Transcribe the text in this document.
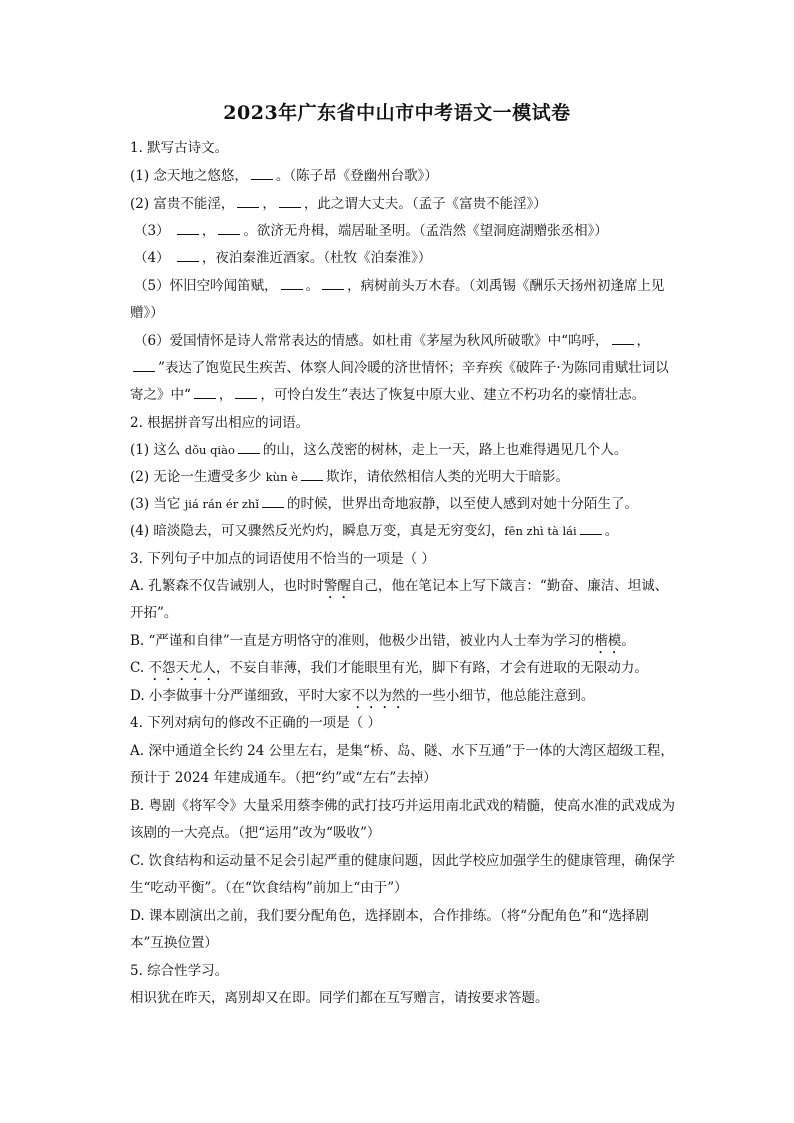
2023年广东省中山市中考语文一模试卷
1. 默写古诗文。
(1) 念天地之悠悠， 。（陈子昂《登幽州台歌》）
(2) 富贵不能淫， ， ，此之谓大丈夫。（孟子《富贵不能淫》）
（3） ， 。欲济无舟楫，端居耻圣明。（孟浩然《望洞庭湖赠张丞相》）
（4） ，夜泊秦淮近酒家。（杜牧《泊秦淮》）
（5）怀旧空吟闻笛赋， 。 ，病树前头万木春。（刘禹锡《酬乐天扬州初逢席上见
赠》）
（6）爱国情怀是诗人常常表达的情感。如杜甫《茅屋为秋风所破歌》中“呜呼， ，
”表达了饱览民生疾苦、体察人间冷暖的济世情怀；辛弃疾《破阵子·为陈同甫赋壮词以
寄之》中“ ， ，可怜白发生”表达了恢复中原大业、建立不朽功名的豪情壮志。
2. 根据拼音写出相应的词语。
(1) 这么 dǒu qiào 的山，这么茂密的树林，走上一天，路上也难得遇见几个人。
(2) 无论一生遭受多少 kùn è 欺诈，请依然相信人类的光明大于暗影。
(3) 当它 jiá rán ér zhǐ 的时候，世界出奇地寂静，以至使人感到对她十分陌生了。
(4) 暗淡隐去，可又骤然反光灼灼，瞬息万变，真是无穷变幻，fēn zhì tà lái 。
3. 下列句子中加点的词语使用不恰当的一项是（ ）
A. 孔繁森不仅告诫别人，也时时警醒自己，他在笔记本上写下箴言：“勤奋、廉洁、坦诚、
开拓”。
B. “严谨和自律”一直是方明恪守的准则，他极少出错，被业内人士奉为学习的楷模。
C. 不怨天尤人，不妄自菲薄，我们才能眼里有光，脚下有路，才会有进取的无限动力。
D. 小李做事十分严谨细致，平时大家不以为然的一些小细节，他总能注意到。
4. 下列对病句的修改不正确的一项是（ ）
A. 深中通道全长约 24 公里左右，是集“桥、岛、隧、水下互通”于一体的大湾区超级工程，
预计于 2024 年建成通车。（把“约”或“左右”去掉）
B. 粤剧《将军令》大量采用蔡李佛的武打技巧并运用南北武戏的精髓，使高水准的武戏成为
该剧的一大亮点。（把“运用”改为“吸收”）
C. 饮食结构和运动量不足会引起严重的健康问题，因此学校应加强学生的健康管理，确保学
生“吃动平衡”。（在“饮食结构”前加上“由于”）
D. 课本剧演出之前，我们要分配角色，选择剧本，合作排练。（将“分配角色”和“选择剧
本”互换位置）
5. 综合性学习。
相识犹在昨天，离别却又在即。同学们都在互写赠言，请按要求答题。
